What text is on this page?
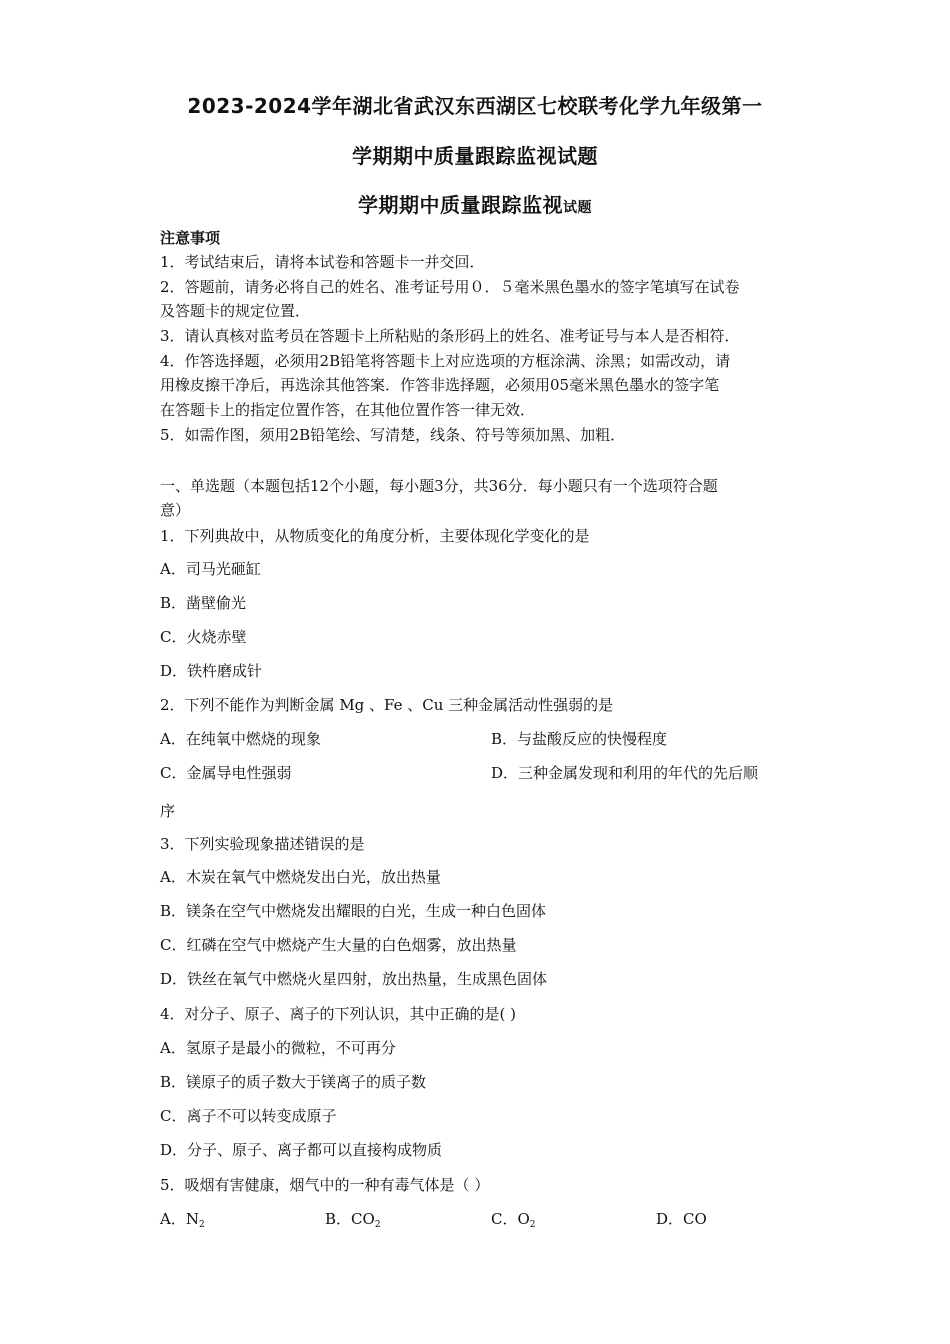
2023-2024学年湖北省武汉东西湖区七校联考化学九年级第一
学期期中质量跟踪监视试题
学期期中质量跟踪监视试题
注意事项
1．考试结束后，请将本试卷和答题卡一并交回．
2．答题前，请务必将自己的姓名、准考证号用０．５毫米黑色墨水的签字笔填写在试卷
及答题卡的规定位置．
3．请认真核对监考员在答题卡上所粘贴的条形码上的姓名、准考证号与本人是否相符．
4．作答选择题，必须用2B铅笔将答题卡上对应选项的方框涂满、涂黑；如需改动，请
用橡皮擦干净后，再选涂其他答案．作答非选择题，必须用05毫米黑色墨水的签字笔
在答题卡上的指定位置作答，在其他位置作答一律无效．
5．如需作图，须用2B铅笔绘、写清楚，线条、符号等须加黑、加粗．
一、单选题（本题包括12个小题，每小题3分，共36分．每小题只有一个选项符合题
意）
1．下列典故中，从物质变化的角度分析，主要体现化学变化的是
A．司马光砸缸
B．凿壁偷光
C．火烧赤壁
D．铁杵磨成针
2．下列不能作为判断金属 Mg 、Fe 、Cu 三种金属活动性强弱的是
A．在纯氧中燃烧的现象	B．与盐酸反应的快慢程度
C．金属导电性强弱	D．三种金属发现和利用的年代的先后顺
序
3．下列实验现象描述错误的是
A．木炭在氧气中燃烧发出白光，放出热量
B．镁条在空气中燃烧发出耀眼的白光，生成一种白色固体
C．红磷在空气中燃烧产生大量的白色烟雾，放出热量
D．铁丝在氧气中燃烧火星四射，放出热量，生成黑色固体
4．对分子、原子、离子的下列认识，其中正确的是( )
A．氢原子是最小的微粒，不可再分
B．镁原子的质子数大于镁离子的质子数
C．离子不可以转变成原子
D．分子、原子、离子都可以直接构成物质
5．吸烟有害健康，烟气中的一种有毒气体是（ ）
A．$N_2$	B．$CO_2$	C．$O_2$	D．CO
